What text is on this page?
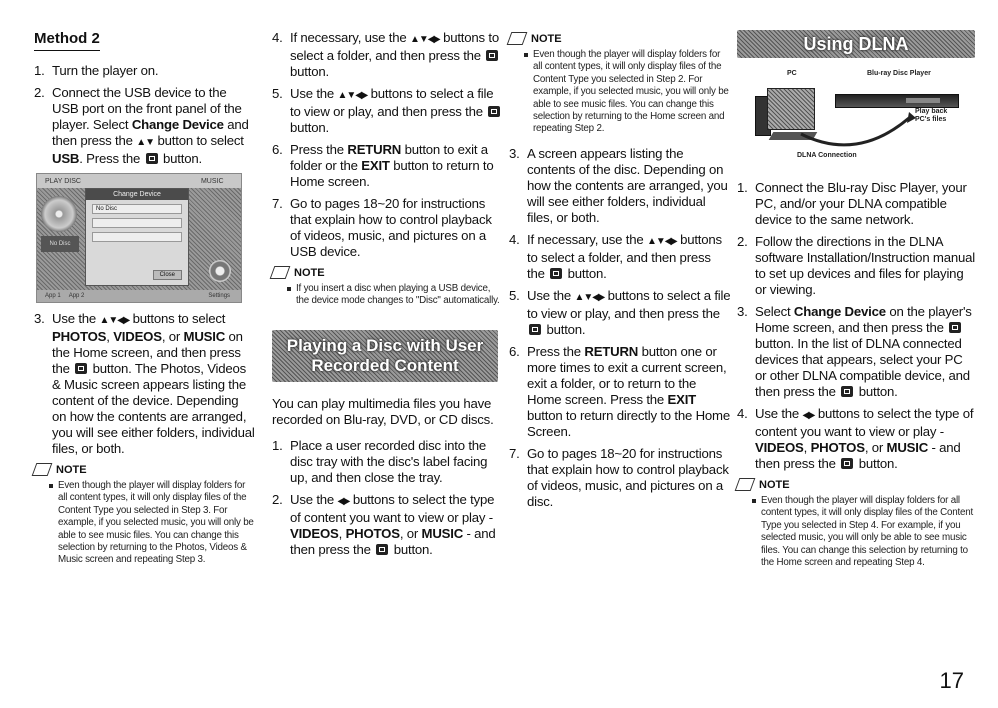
Method 2
1. Turn the player on.
2. Connect the USB device to the USB port on the front panel of the player. Select Change Device and then press the ▲▼ button to select USB. Press the  button.
PLAY DISC	MUSIC
No Disc
Change Device
No Disc

Close
App 1 App 2	Settings
3. Use the ▲▼◀▶ buttons to select PHOTOS, VIDEOS, or MUSIC on the Home screen, and then press the  button. The Photos, Videos & Music screen appears listing the content of the device. Depending on how the contents are arranged, you will see either folders, individual files, or both.
NOTE
Even though the player will display folders for all content types, it will only display files of the Content Type you selected in Step 3. For example, if you selected music, you will only be able to see music files. You can change this selection by returning to the Photos, Videos & Music screen and repeating Step 3.
4. If necessary, use the ▲▼◀▶ buttons to select a folder, and then press the  button.
5. Use the ▲▼◀▶ buttons to select a file to view or play, and then press the  button.
6. Press the RETURN button to exit a folder or the EXIT button to return to Home screen.
7. Go to pages 18~20 for instructions that explain how to control playback of videos, music, and pictures on a USB device.
NOTE
If you insert a disc when playing a USB device, the device mode changes to "Disc" automatically.
Playing a Disc with User
Recorded Content

You can play multimedia files you have recorded on Blu-ray, DVD, or CD discs.

1. Place a user recorded disc into the disc tray with the disc's label facing up, and then close the tray.
2. Use the ◀▶ buttons to select the type of content you want to view or play - VIDEOS, PHOTOS, or MUSIC - and then press the  button.
NOTE
Even though the player will display folders for all content types, it will only display files of the Content Type you selected in Step 2. For example, if you selected music, you will only be able to see music files. You can change this selection by returning to the Home screen and repeating Step 2.
3. A screen appears listing the contents of the disc. Depending on how the contents are arranged, you will see either folders, individual files, or both.
4. If necessary, use the ▲▼◀▶ buttons to select a folder, and then press the  button.
5. Use the ▲▼◀▶ buttons to select a file to view or play, and then press the  button.
6. Press the RETURN button one or more times to exit a current screen, exit a folder, or to return to the Home screen. Press the EXIT button to return directly to the Home Screen.
7. Go to pages 18~20 for instructions that explain how to control playback of videos, music, and pictures on a disc.
Using DLNA
PC	Blu-ray Disc Player
Play back PC's files
DLNA Connection
1. Connect the Blu-ray Disc Player, your PC, and/or your DLNA compatible device to the same network.
2. Follow the directions in the DLNA software Installation/Instruction manual to set up devices and files for playing or viewing.
3. Select Change Device on the player's Home screen, and then press the  button. In the list of DLNA connected devices that appears, select your PC or other DLNA compatible device, and then press the  button.
4. Use the ◀▶ buttons to select the type of content you want to view or play - VIDEOS, PHOTOS, or MUSIC - and then press the  button.
NOTE
Even though the player will display folders for all content types, it will only display files of the Content Type you selected in Step 4. For example, if you selected music, you will only be able to see music files. You can change this selection by returning to the Home screen and repeating Step 4.
17
